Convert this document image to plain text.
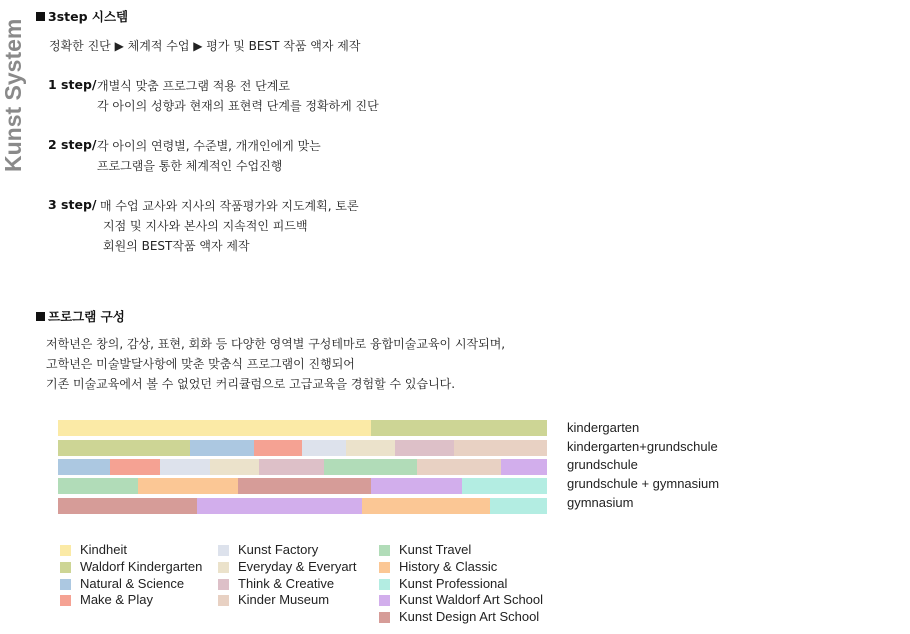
Kunst System
3step 시스템
정확한 진단 ▶ 체계적 수업 ▶ 평가 및 BEST 작품 액자 제작
1 step/ 개별식 맞춤 프로그램 적용 전 단계로
각 아이의 성향과 현재의 표현력 단계를 정확하게 진단
2 step/ 각 아이의 연령별, 수준별, 개개인에게 맞는
프로그램을 통한 체계적인 수업진행
3 step/ 매 수업 교사와 지사의 작품평가와 지도계획, 토론
지점 및 지사와 본사의 지속적인 피드백
회원의 BEST작품 액자 제작
프로그램 구성
저학년은 창의, 감상, 표현, 회화 등 다양한 영역별 구성테마로 융합미술교육이 시작되며,
고학년은 미술발달사항에 맞춘 맞춤식 프로그램이 진행되어
기존 미술교육에서 볼 수 없었던 커리큘럼으로 고급교육을 경험할 수 있습니다.
kindergarten
kindergarten+grundschule
grundschule
grundschule + gymnasium
gymnasium
Kindheit
Waldorf Kindergarten
Natural & Science
Make & Play
Kunst Factory
Everyday & Everyart
Think & Creative
Kinder Museum
Kunst Travel
History & Classic
Kunst Professional
Kunst Waldorf Art School
Kunst Design Art School
